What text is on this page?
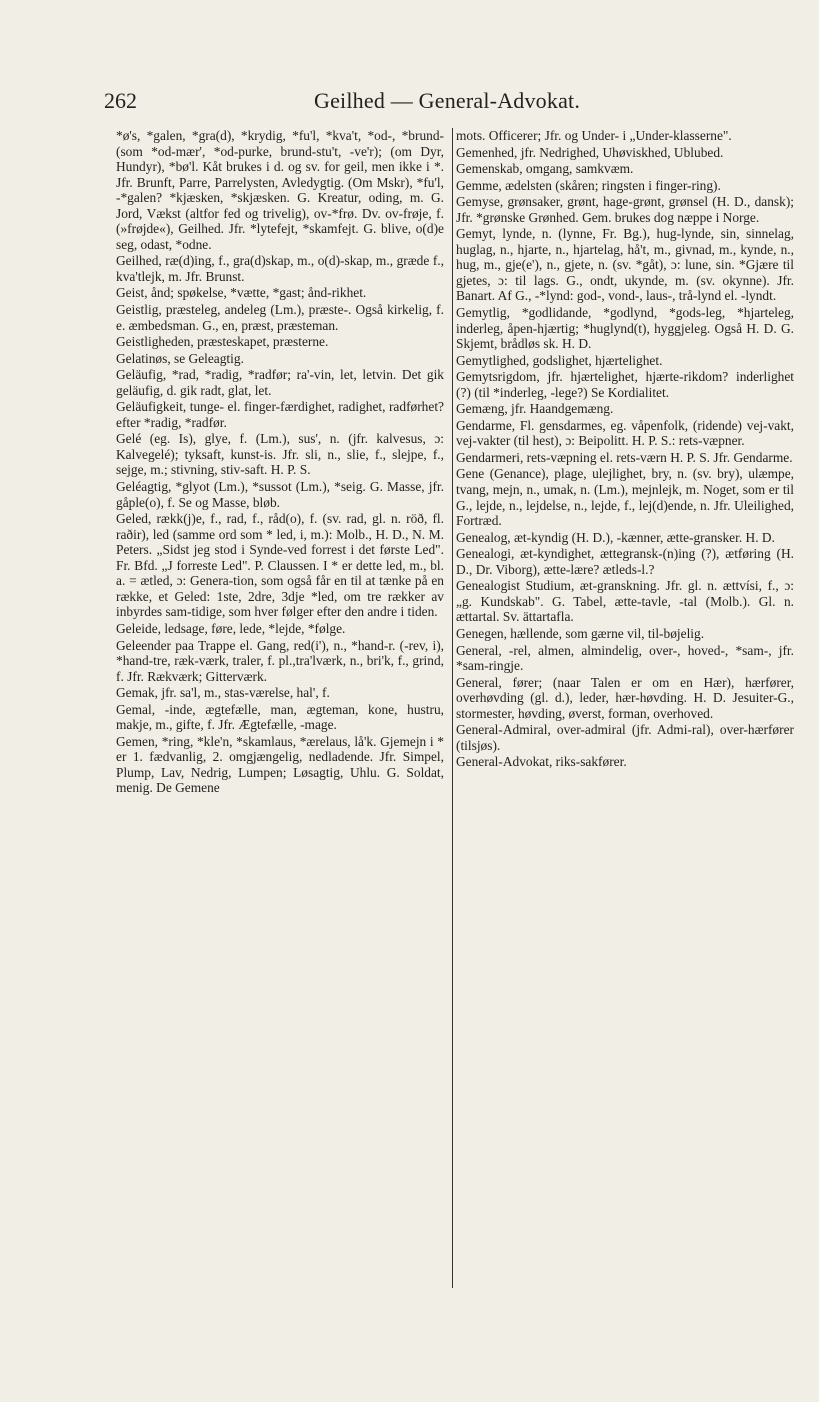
262	Geilhed — General-Advokat.

*ø's, *galen, *gra(d), *krydig, *fu'l, *kva't, *od-, *brund- (som *od-mær', *od-purke, brund-stu't, -ve'r); (om Dyr, Hundyr), *bø'l. Kåt brukes i d. og sv. for geil, men ikke i *. Jfr. Brunft, Parre, Parrelysten, Avledygtig. (Om Mskr), *fu'l, -*galen? *kjæsken, *skjæsken. G. Kreatur, oding, m. G. Jord, Vækst (altfor fed og trivelig), ov-*frø. Dv. ov-frøje, f. (»frøjde«), Geilhed. Jfr. *lytefejt, *skamfejt. G. blive, o(d)e seg, odast, *odne.

Geilhed, ræ(d)ing, f., gra(d)skap, m., o(d)-skap, m., græde f., kva'tlejk, m. Jfr. Brunst.

Geist, ånd; spøkelse, *vætte, *gast; ånd-rikhet.

Geistlig, præsteleg, andeleg (Lm.), præste-. Også kirkelig, f. e. æmbedsman. G., en, præst, præsteman.

Geistligheden, præsteskapet, præsterne.

Gelatinøs, se Geleagtig.

Geläufig, *rad, *radig, *radfør; ra'-vin, let, letvin. Det gik geläufig, d. gik radt, glat, let.

Geläufigkeit, tunge- el. finger-færdighet, radighet, radførhet? efter *radig, *radfør.

Gelé (eg. Is), glye, f. (Lm.), sus', n. (jfr. kalvesus, ɔ: Kalvegelé); tyksaft, kunst-is. Jfr. sli, n., slie, f., slejpe, f., sejge, m.; stivning, stiv-saft. H. P. S.

Geléagtig, *glyot (Lm.), *sussot (Lm.), *seig. G. Masse, jfr. gåple(o), f. Se og Masse, bløb.

Geled, rækk(j)e, f., rad, f., råd(o), f. (sv. rad, gl. n. röð, fl. raðir), led (samme ord som * led, i, m.): Molb., H. D., N. M. Peters. „Sidst jeg stod i Synde-ved forrest i det første Led". Fr. Bfd. „J forreste Led". P. Claussen. I * er dette led, m., bl. a. = ætled, ɔ: Genera-tion, som også får en til at tænke på en række, et Geled: 1ste, 2dre, 3dje *led, om tre rækker av inbyrdes sam-tidige, som hver følger efter den andre i tiden.

Geleide, ledsage, føre, lede, *lejde, *følge.

Geleender paa Trappe el. Gang, red(i'), n., *hand-r. (-rev, i), *hand-tre, ræk-værk, traler, f. pl.,tra'lværk, n., bri'k, f., grind, f. Jfr. Rækværk; Gitterværk.

Gemak, jfr. sa'l, m., stas-værelse, hal', f.

Gemal, -inde, ægtefælle, man, ægteman, kone, hustru, makje, m., gifte, f. Jfr. Ægtefælle, -mage.

Gemen, *ring, *kle'n, *skamlaus, *ærelaus, lå'k. Gjemejn i * er 1. fædvanlig, 2. omgjængelig, nedladende. Jfr. Simpel, Plump, Lav, Nedrig, Lumpen; Løsagtig, Uhlu. G. Soldat, menig. De Gemene

mots. Officerer; Jfr. og Under- i „Under-klasserne".

Gemenhed, jfr. Nedrighed, Uhøviskhed, Ublubed.

Gemenskab, omgang, samkvæm.

Gemme, ædelsten (skåren; ringsten i finger-ring).

Gemyse, grønsaker, grønt, hage-grønt, grønsel (H. D., dansk); Jfr. *grønske Grønhed. Gem. brukes dog næppe i Norge.

Gemyt, lynde, n. (lynne, Fr. Bg.), hug-lynde, sin, sinnelag, huglag, n., hjarte, n., hjartelag, hå't, m., givnad, m., kynde, n., hug, m., gje(e'), n., gjete, n. (sv. *gåt), ɔ: lune, sin. *Gjære til gjetes, ɔ: til lags. G., ondt, ukynde, m. (sv. okynne). Jfr. Banart. Af G., -*lynd: god-, vond-, laus-, trå-lynd el. -lyndt.

Gemytlig, *godlidande, *godlynd, *gods-leg, *hjarteleg, inderleg, åpen-hjærtig; *huglynd(t), hyggjeleg. Også H. D. G. Skjemt, brådløs sk. H. D.

Gemytlighed, godslighet, hjærtelighet.

Gemytsrigdom, jfr. hjærtelighet, hjærte-rikdom? inderlighet (?) (til *inderleg, -lege?) Se Kordialitet.

Gemæng, jfr. Haandgemæng.

Gendarme, Fl. gensdarmes, eg. våpenfolk, (ridende) vej-vakt, vej-vakter (til hest), ɔ: Beipolitt. H. P. S.: rets-væpner.

Gendarmeri, rets-væpning el. rets-værn H. P. S. Jfr. Gendarme.

Gene (Genance), plage, ulejlighet, bry, n. (sv. bry), ulæmpe, tvang, mejn, n., umak, n. (Lm.), mejnlejk, m. Noget, som er til G., lejde, n., lejdelse, n., lejde, f., lej(d)ende, n. Jfr. Uleilighed, Fortræd.

Genealog, æt-kyndig (H. D.), -kænner, ætte-gransker. H. D.

Genealogi, æt-kyndighet, ættegransk-(n)ing (?), ætføring (H. D., Dr. Viborg), ætte-lære? ætleds-l.?

Genealogist Studium, æt-granskning. Jfr. gl. n. ættvísi, f., ɔ: „g. Kundskab". G. Tabel, ætte-tavle, -tal (Molb.). Gl. n. ættartal. Sv. ättartafla.

Genegen, hællende, som gærne vil, til-bøjelig.

General, -rel, almen, almindelig, over-, hoved-, *sam-, jfr. *sam-ringje.

General, fører; (naar Talen er om en Hær), hærfører, overhøvding (gl. d.), leder, hær-høvding. H. D. Jesuiter-G., stormester, høvding, øverst, forman, overhoved.

General-Admiral, over-admiral (jfr. Admi-ral), over-hærfører (tilsjøs).

General-Advokat, riks-sakfører.
